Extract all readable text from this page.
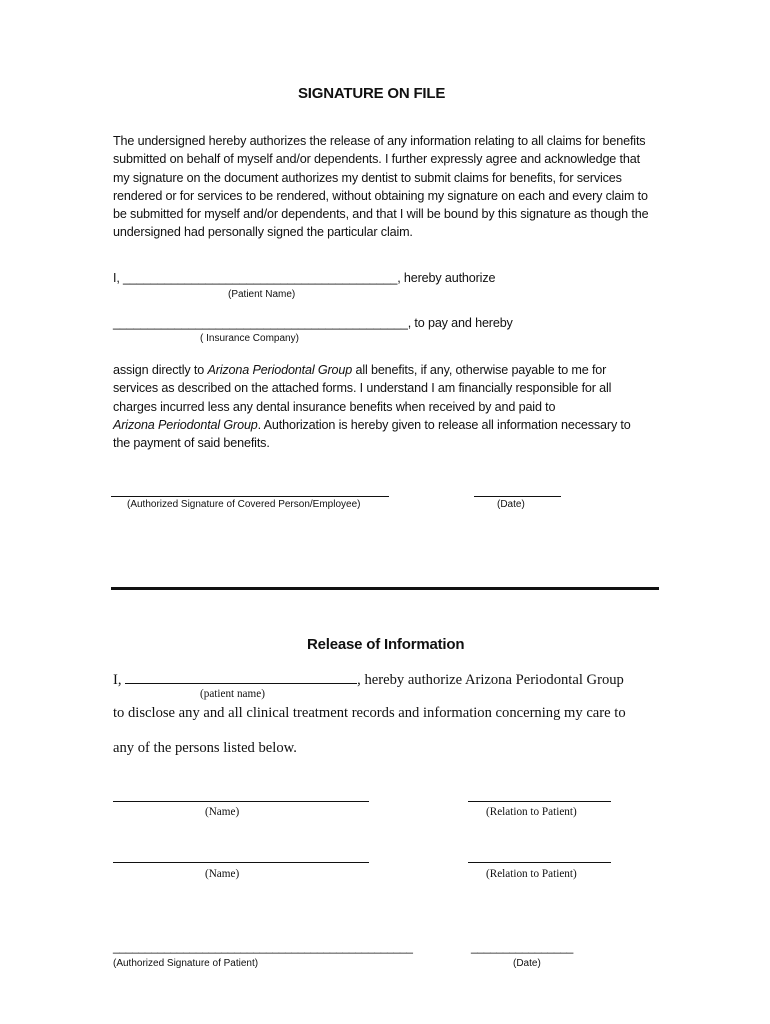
SIGNATURE ON FILE
The undersigned hereby authorizes the release of any information relating to all claims for benefits
submitted on behalf of myself and/or dependents. I further expressly agree and acknowledge that
my signature on the document authorizes my dentist to submit claims for benefits, for services
rendered or for services to be rendered, without obtaining my signature on each and every claim to
be submitted for myself and/or dependents, and that I will be bound by this signature as though the
undersigned had personally signed the particular claim.
I, ________________________________________, hereby authorize
(Patient Name)
___________________________________________, to pay and hereby
( Insurance Company)
assign directly to Arizona Periodontal Group all benefits, if any, otherwise payable to me for
services as described on the attached forms. I understand I am financially responsible for all
charges incurred less any dental insurance benefits when received by and paid to
Arizona Periodontal Group. Authorization is hereby given to release all information necessary to
the payment of said benefits.
(Authorized Signature of Covered Person/Employee)	(Date)
Release of Information
I,	, hereby authorize Arizona Periodontal Group
(patient name)
to disclose any and all clinical treatment records and information concerning my care to
any of the persons listed below.
(Name)	(Relation to Patient)
(Name)	(Relation to Patient)
_______________________________________________	________________
(Authorized Signature of Patient)	(Date)
